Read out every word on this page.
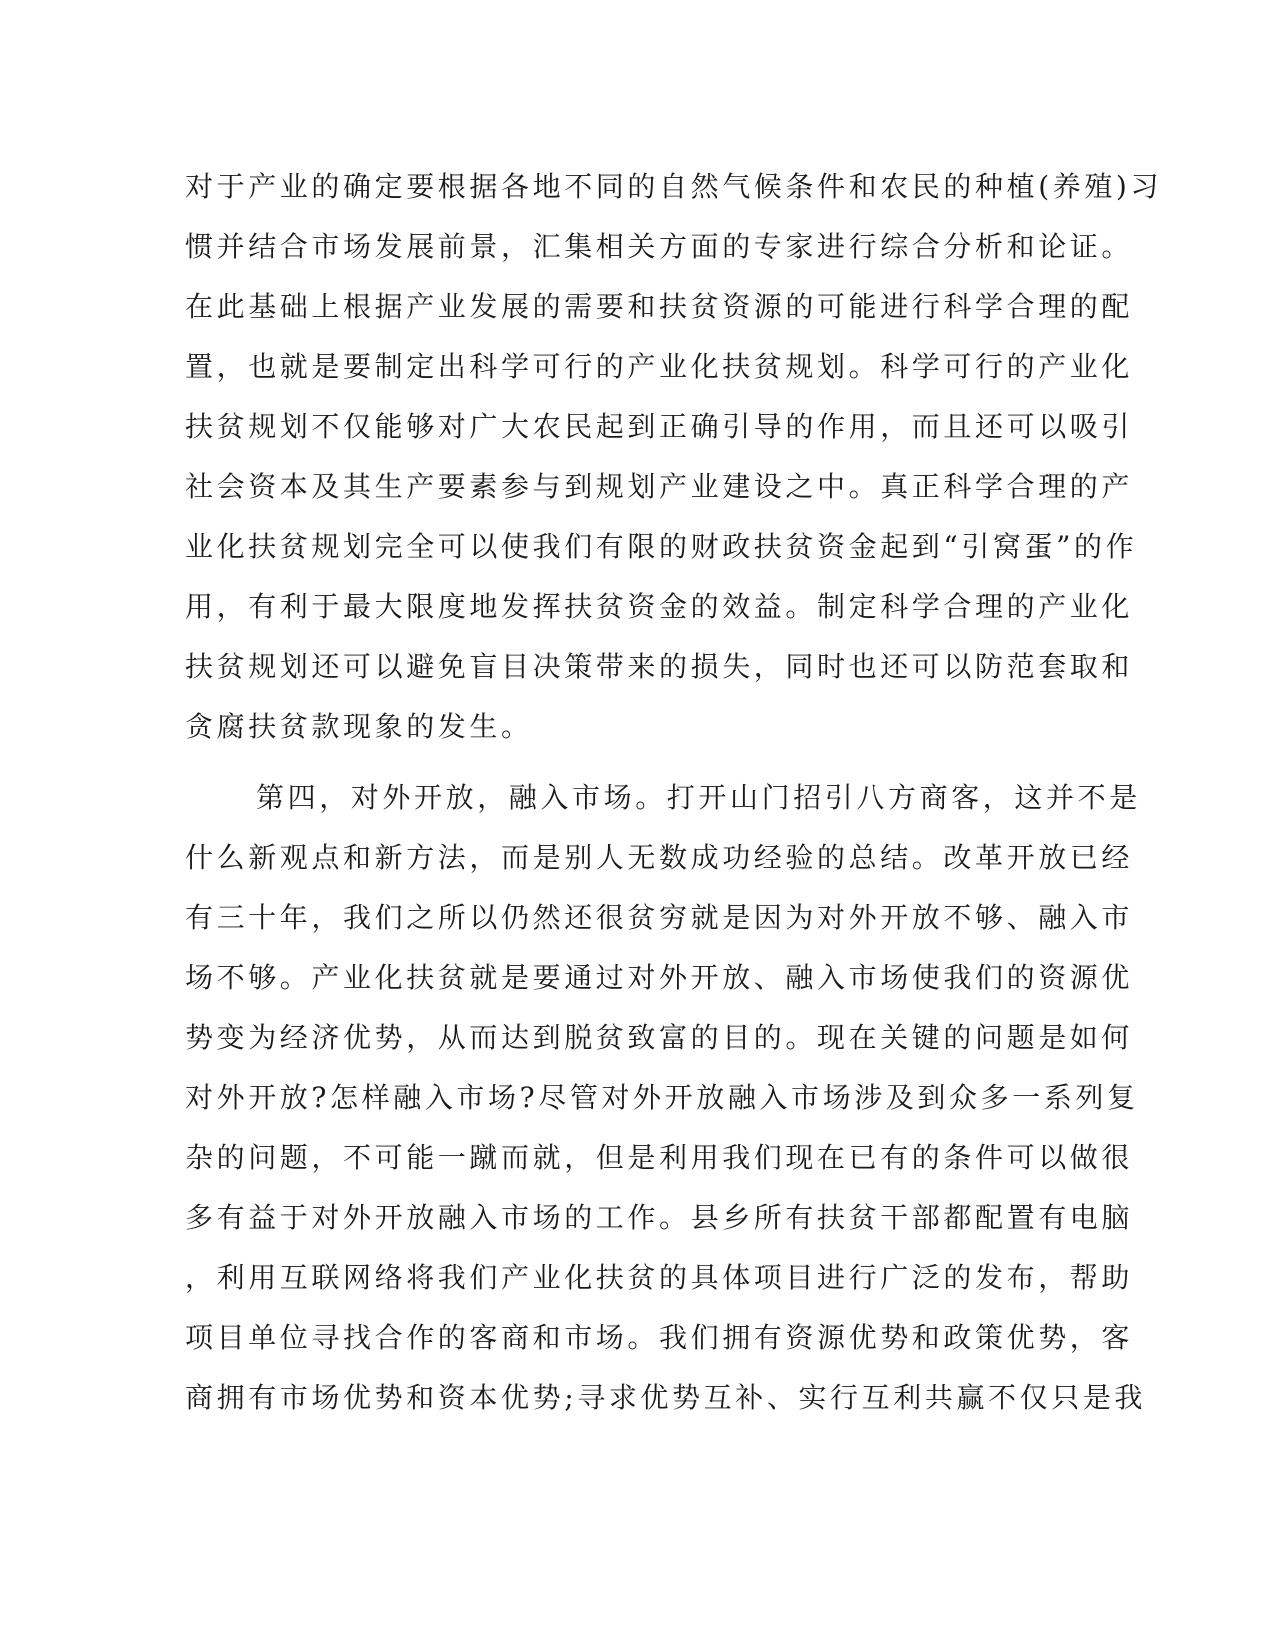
对于产业的确定要根据各地不同的自然气候条件和农民的种植(养殖)习
惯并结合市场发展前景，汇集相关方面的专家进行综合分析和论证。
在此基础上根据产业发展的需要和扶贫资源的可能进行科学合理的配
置，也就是要制定出科学可行的产业化扶贫规划。科学可行的产业化
扶贫规划不仅能够对广大农民起到正确引导的作用，而且还可以吸引
社会资本及其生产要素参与到规划产业建设之中。真正科学合理的产
业化扶贫规划完全可以使我们有限的财政扶贫资金起到“引窝蛋”的作
用，有利于最大限度地发挥扶贫资金的效益。制定科学合理的产业化
扶贫规划还可以避免盲目决策带来的损失，同时也还可以防范套取和
贪腐扶贫款现象的发生。
第四，对外开放，融入市场。打开山门招引八方商客，这并不是
什么新观点和新方法，而是别人无数成功经验的总结。改革开放已经
有三十年，我们之所以仍然还很贫穷就是因为对外开放不够、融入市
场不够。产业化扶贫就是要通过对外开放、融入市场使我们的资源优
势变为经济优势，从而达到脱贫致富的目的。现在关键的问题是如何
对外开放?怎样融入市场?尽管对外开放融入市场涉及到众多一系列复
杂的问题，不可能一蹴而就，但是利用我们现在已有的条件可以做很
多有益于对外开放融入市场的工作。县乡所有扶贫干部都配置有电脑
，利用互联网络将我们产业化扶贫的具体项目进行广泛的发布，帮助
项目单位寻找合作的客商和市场。我们拥有资源优势和政策优势，客
商拥有市场优势和资本优势;寻求优势互补、实行互利共赢不仅只是我
